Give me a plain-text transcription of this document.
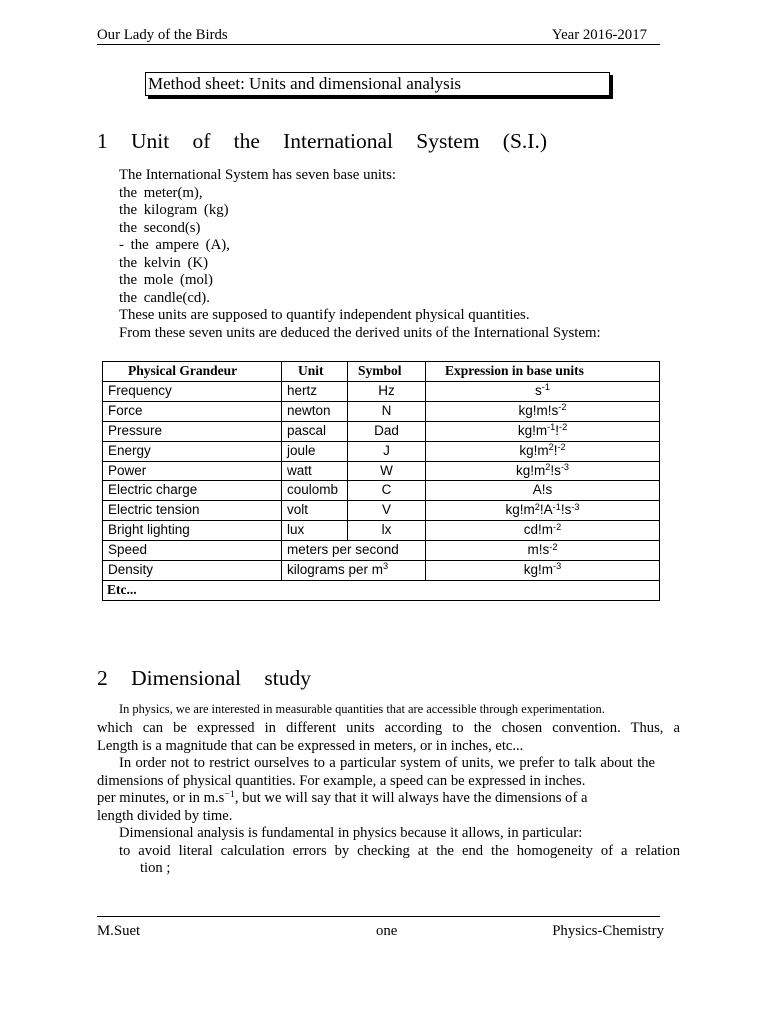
Our Lady of the Birds	Year 2016-2017
Method sheet: Units and dimensional analysis
1 Unit of the International System (S.I.)
The International System has seven base units:
the meter(m),
the kilogram (kg)
the second(s)
- the ampere (A),
the kelvin (K)
the mole (mol)
the candle(cd).
These units are supposed to quantify independent physical quantities.
From these seven units are deduced the derived units of the International System:
Physical Grandeur	Unit	Symbol	Expression in base units
Frequency	hertz	Hz	$s^{-1}$
Force	newton	N	$kg!m!s^{-2}$
Pressure	pascal	Dad	$kg!m^{-1}!^{-2}$
Energy	joule	J	$kg!m^2!^{-2}$
Power	watt	W	$kg!m^2!s^{-3}$
Electric charge	coulomb	C	A!s
Electric tension	volt	V	$kg!m^2!A^{-1}!s^{-3}$
Bright lighting	lux	lx	$cd!m^{-2}$
Speed	meters per second		$m!s^{-2}$
Density	kilograms per $m^3$		$kg!m^{-3}$
Etc...			
2 Dimensional study
In physics, we are interested in measurable quantities that are accessible through experimentation.
which can be expressed in different units according to the chosen convention. Thus, a
Length is a magnitude that can be expressed in meters, or in inches, etc...
In order not to restrict ourselves to a particular system of units, we prefer to talk about the
dimensions of physical quantities. For example, a speed can be expressed in inches.
per minutes, or in $m.s^{-1}$, but we will say that it will always have the dimensions of a
length divided by time.
Dimensional analysis is fundamental in physics because it allows, in particular:
to avoid literal calculation errors by checking at the end the homogeneity of a relation
tion ;
M.Suet	one	Physics-Chemistry
